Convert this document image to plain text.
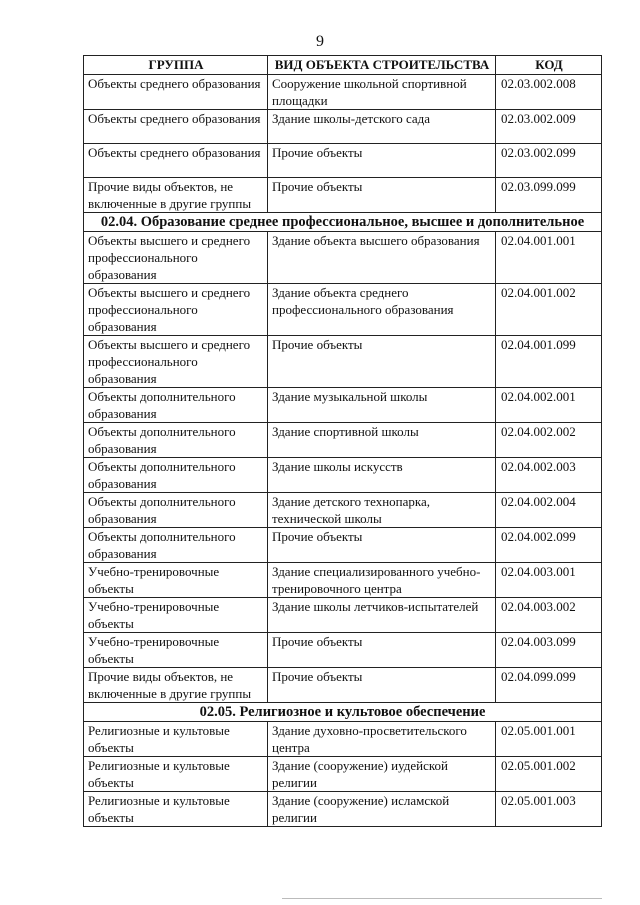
9
ГРУППА	ВИД ОБЪЕКТА СТРОИТЕЛЬСТВА	КОД
Объекты среднего образования	Сооружение школьной спортивной площадки	02.03.002.008
Объекты среднего образования	Здание школы-детского сада	02.03.002.009
Объекты среднего образования	Прочие объекты	02.03.002.099
Прочие виды объектов, не включенные в другие группы	Прочие объекты	02.03.099.099
02.04. Образование среднее профессиональное, высшее и дополнительное		
Объекты высшего и среднего профессионального образования	Здание объекта высшего образования	02.04.001.001
Объекты высшего и среднего профессионального образования	Здание объекта среднего профессионального образования	02.04.001.002
Объекты высшего и среднего профессионального образования	Прочие объекты	02.04.001.099
Объекты дополнительного образования	Здание музыкальной школы	02.04.002.001
Объекты дополнительного образования	Здание спортивной школы	02.04.002.002
Объекты дополнительного образования	Здание школы искусств	02.04.002.003
Объекты дополнительного образования	Здание детского технопарка, технической школы	02.04.002.004
Объекты дополнительного образования	Прочие объекты	02.04.002.099
Учебно-тренировочные объекты	Здание специализированного учебно-тренировочного центра	02.04.003.001
Учебно-тренировочные объекты	Здание школы летчиков-испытателей	02.04.003.002
Учебно-тренировочные объекты	Прочие объекты	02.04.003.099
Прочие виды объектов, не включенные в другие группы	Прочие объекты	02.04.099.099
02.05. Религиозное и культовое обеспечение		
Религиозные и культовые объекты	Здание духовно-просветительского центра	02.05.001.001
Религиозные и культовые объекты	Здание (сооружение) иудейской религии	02.05.001.002
Религиозные и культовые объекты	Здание (сооружение) исламской религии	02.05.001.003
